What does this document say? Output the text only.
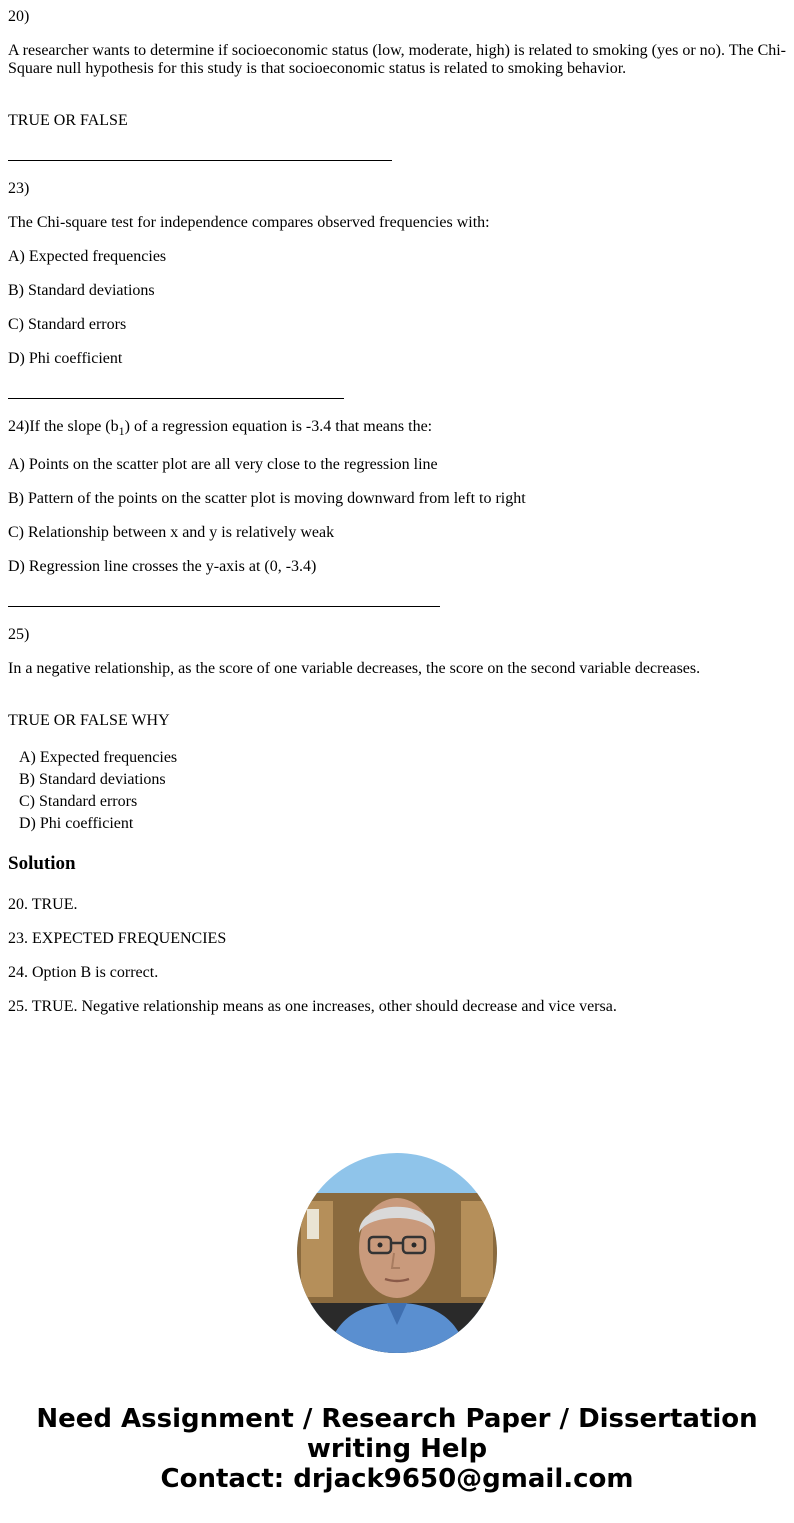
20)

A researcher wants to determine if socioeconomic status (low, moderate, high) is related to smoking (yes or no). The Chi-Square null hypothesis for this study is that socioeconomic status is related to smoking behavior.

TRUE OR FALSE

23)

The Chi-square test for independence compares observed frequencies with:

A) Expected frequencies

B) Standard deviations

C) Standard errors

D) Phi coefficient

24)If the slope $(b_1)$ of a regression equation is -3.4 that means the:

A) Points on the scatter plot are all very close to the regression line

B) Pattern of the points on the scatter plot is moving downward from left to right

C) Relationship between x and y is relatively weak

D) Regression line crosses the y-axis at (0, -3.4)

25)

In a negative relationship, as the score of one variable decreases, the score on the second variable decreases.

TRUE OR FALSE WHY

A) Expected frequencies
B) Standard deviations
C) Standard errors
D) Phi coefficient
Solution

20. TRUE.

23. EXPECTED FREQUENCIES

24. Option B is correct.

25. TRUE. Negative relationship means as one increases, other should decrease and vice versa.

Need Assignment / Research Paper / Dissertation
writing Help
Contact: drjack9650@gmail.com
